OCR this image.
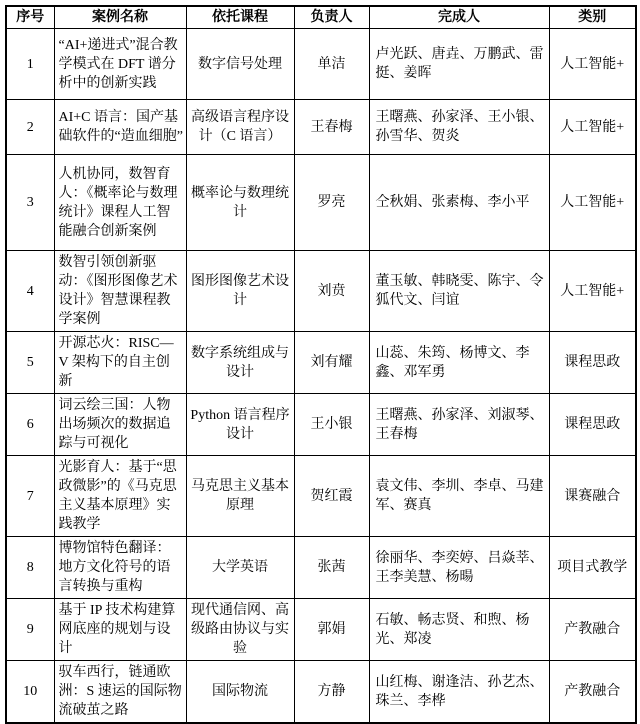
序号	案例名称	依托课程	负责人	完成人	类别
1	“AI+递进式”混合教学模式在 DFT 谱分析中的创新实践	数字信号处理	单洁	卢光跃、唐垚、万鹏武、雷挺、姜晖	人工智能+
2	AI+C 语言：国产基础软件的“造血细胞”	高级语言程序设计（C 语言）	王春梅	王曙燕、孙家泽、王小银、孙雪华、贺炎	人工智能+
3	人机协同，数智育人：《概率论与数理统计》课程人工智能融合创新案例	概率论与数理统计	罗亮	仝秋娟、张素梅、李小平	人工智能+
4	数智引领创新驱动：《图形图像艺术设计》智慧课程教学案例	图形图像艺术设计	刘贲	董玉敏、韩晓雯、陈宇、令狐代文、闫谊	人工智能+
5	开源芯火：RISC—V 架构下的自主创新	数字系统组成与设计	刘有耀	山蕊、朱筠、杨博文、李鑫、邓军勇	课程思政
6	词云绘三国：人物出场频次的数据追踪与可视化	Python 语言程序设计	王小银	王曙燕、孙家泽、刘淑琴、王春梅	课程思政
7	光影育人：基于“思政微影”的《马克思主义基本原理》实践教学	马克思主义基本原理	贺红霞	袁文伟、李圳、李卓、马建军、赛真	课赛融合
8	博物馆特色翻译：地方文化符号的语言转换与重构	大学英语	张茜	徐丽华、李奕婷、吕焱莘、王李美慧、杨暘	项目式教学
9	基于 IP 技术构建算网底座的规划与设计	现代通信网、高级路由协议与实验	郭娟	石敏、畅志贤、和煦、杨光、郑凌	产教融合
10	驭车西行，链通欧洲：S 速运的国际物流破茧之路	国际物流	方静	山红梅、谢逢洁、孙艺杰、珠兰、李桦	产教融合
